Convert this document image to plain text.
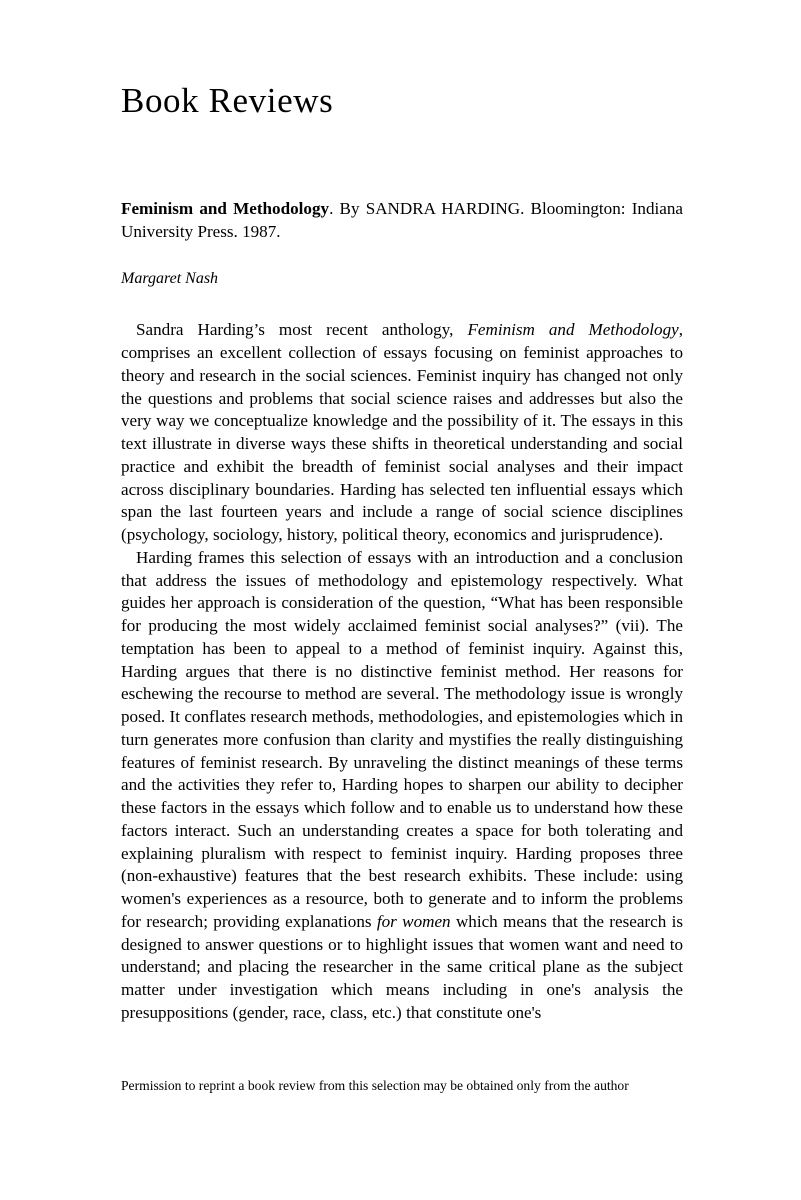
Book Reviews

Feminism and Methodology. By SANDRA HARDING. Bloomington: Indiana University Press. 1987.

Margaret Nash

Sandra Harding’s most recent anthology, Feminism and Methodology, comprises an excellent collection of essays focusing on feminist approaches to theory and research in the social sciences. Feminist inquiry has changed not only the questions and problems that social science raises and addresses but also the very way we conceptualize knowledge and the possibility of it. The essays in this text illustrate in diverse ways these shifts in theoretical understanding and social practice and exhibit the breadth of feminist social analyses and their impact across disciplinary boundaries. Harding has selected ten influential essays which span the last fourteen years and include a range of social science disciplines (psychology, sociology, history, political theory, economics and jurisprudence).

Harding frames this selection of essays with an introduction and a conclusion that address the issues of methodology and epistemology respectively. What guides her approach is consideration of the question, “What has been responsible for producing the most widely acclaimed feminist social analyses?” (vii). The temptation has been to appeal to a method of feminist inquiry. Against this, Harding argues that there is no distinctive feminist method. Her reasons for eschewing the recourse to method are several. The methodology issue is wrongly posed. It conflates research methods, methodologies, and epistemologies which in turn generates more confusion than clarity and mystifies the really distinguishing features of feminist research. By unraveling the distinct meanings of these terms and the activities they refer to, Harding hopes to sharpen our ability to decipher these factors in the essays which follow and to enable us to understand how these factors interact. Such an understanding creates a space for both tolerating and explaining pluralism with respect to feminist inquiry. Harding proposes three (non-exhaustive) features that the best research exhibits. These include: using women's experiences as a resource, both to generate and to inform the problems for research; providing explanations for women which means that the research is designed to answer questions or to highlight issues that women want and need to understand; and placing the researcher in the same critical plane as the subject matter under investigation which means including in one's analysis the presuppositions (gender, race, class, etc.) that constitute one's

Permission to reprint a book review from this selection may be obtained only from the author
